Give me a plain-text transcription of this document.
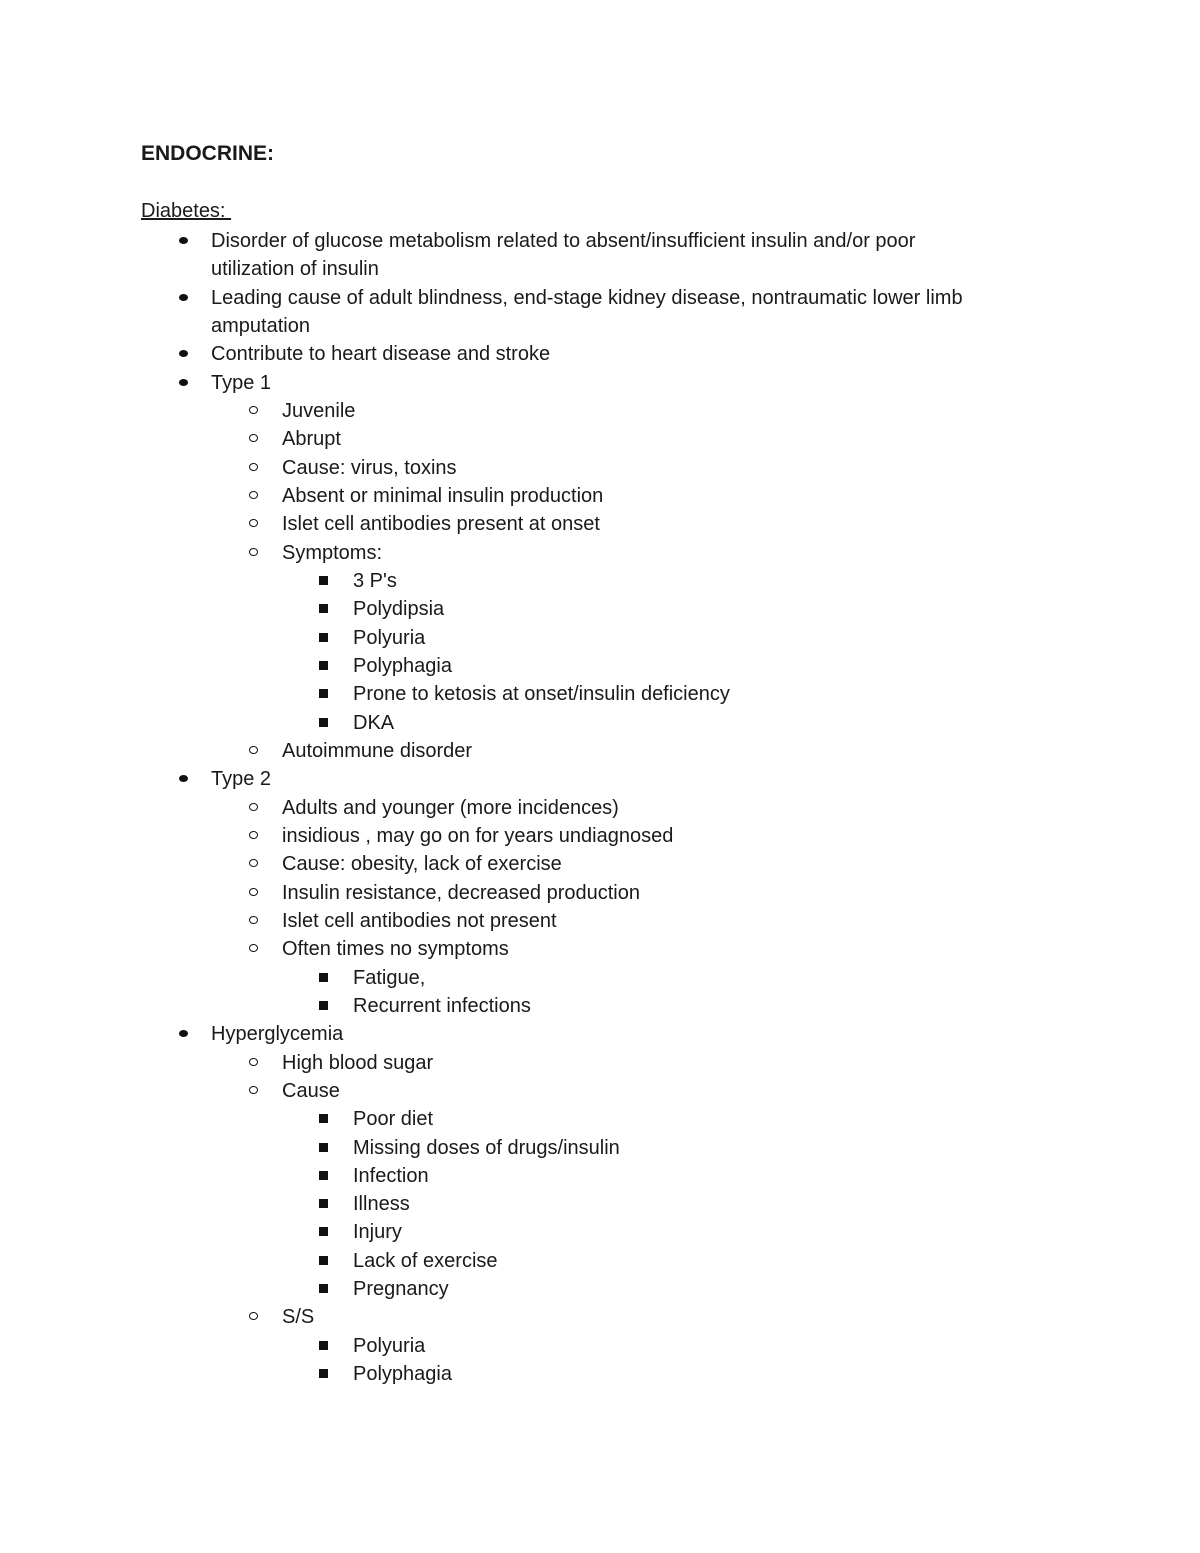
ENDOCRINE:
Diabetes:
Disorder of glucose metabolism related to absent/insufficient insulin and/or poor
utilization of insulin
Leading cause of adult blindness, end-stage kidney disease, nontraumatic lower limb
amputation
Contribute to heart disease and stroke
Type 1
Juvenile
Abrupt
Cause: virus, toxins
Absent or minimal insulin production
Islet cell antibodies present at onset
Symptoms:
3 P's
Polydipsia
Polyuria
Polyphagia
Prone to ketosis at onset/insulin deficiency
DKA
Autoimmune disorder
Type 2
Adults and younger (more incidences)
insidious , may go on for years undiagnosed
Cause: obesity, lack of exercise
Insulin resistance, decreased production
Islet cell antibodies not present
Often times no symptoms
Fatigue,
Recurrent infections
Hyperglycemia
High blood sugar
Cause
Poor diet
Missing doses of drugs/insulin
Infection
Illness
Injury
Lack of exercise
Pregnancy
S/S
Polyuria
Polyphagia
